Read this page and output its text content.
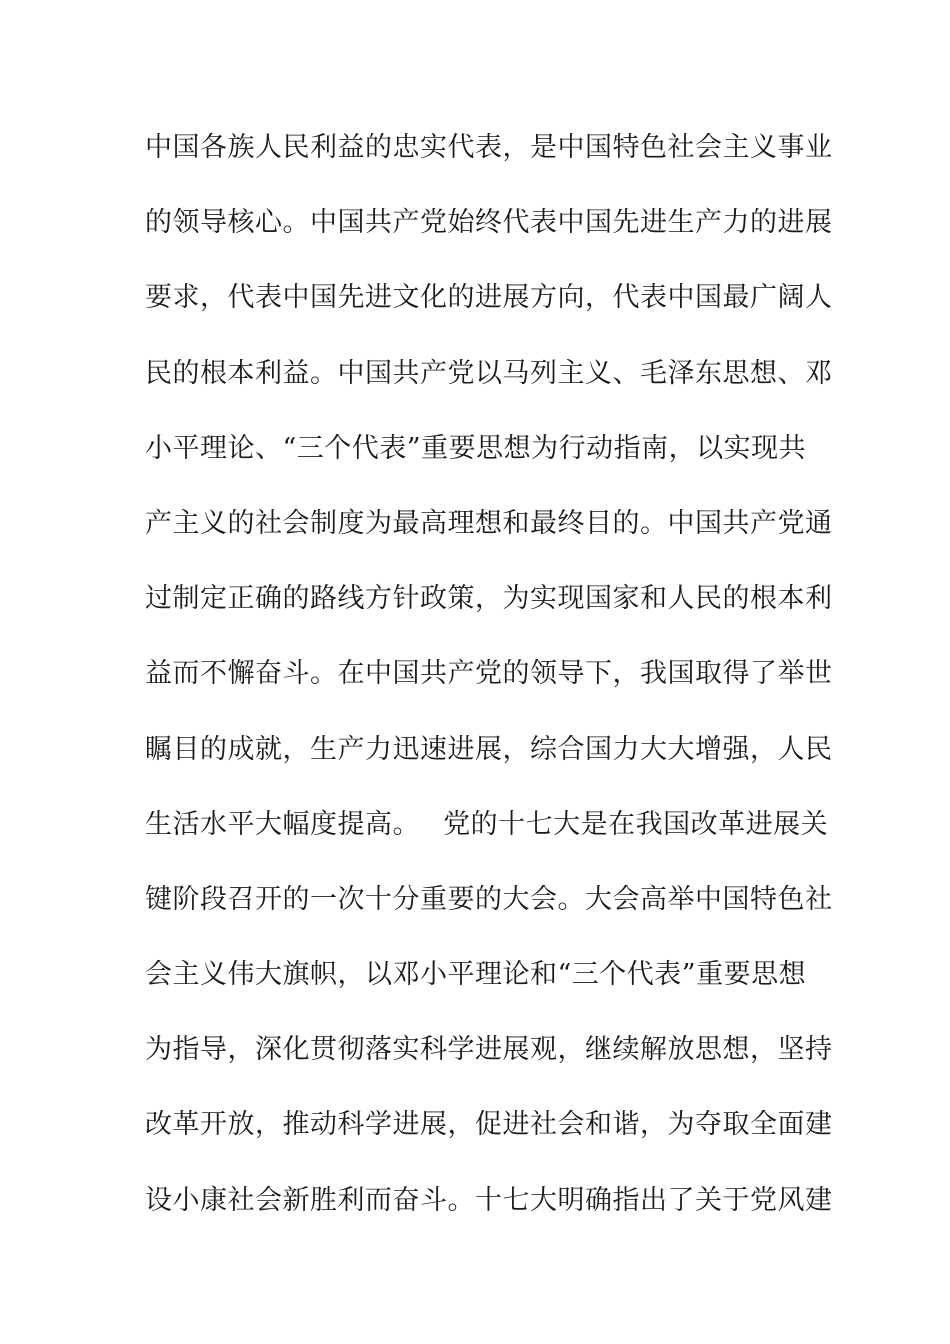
中国各族人民利益的忠实代表，是中国特色社会主义事业
的领导核心。中国共产党始终代表中国先进生产力的进展
要求，代表中国先进文化的进展方向，代表中国最广阔人
民的根本利益。中国共产党以马列主义、毛泽东思想、邓
小平理论、“三个代表”重要思想为行动指南，以实现共
产主义的社会制度为最高理想和最终目的。中国共产党通
过制定正确的路线方针政策，为实现国家和人民的根本利
益而不懈奋斗。在中国共产党的领导下，我国取得了举世
瞩目的成就，生产力迅速进展，综合国力大大增强，人民
生活水平大幅度提高。　 党的十七大是在我国改革进展关
键阶段召开的一次十分重要的大会。大会高举中国特色社
会主义伟大旗帜，以邓小平理论和“三个代表”重要思想
为指导，深化贯彻落实科学进展观，继续解放思想，坚持
改革开放，推动科学进展，促进社会和谐，为夺取全面建
设小康社会新胜利而奋斗。十七大明确指出了关于党风建
